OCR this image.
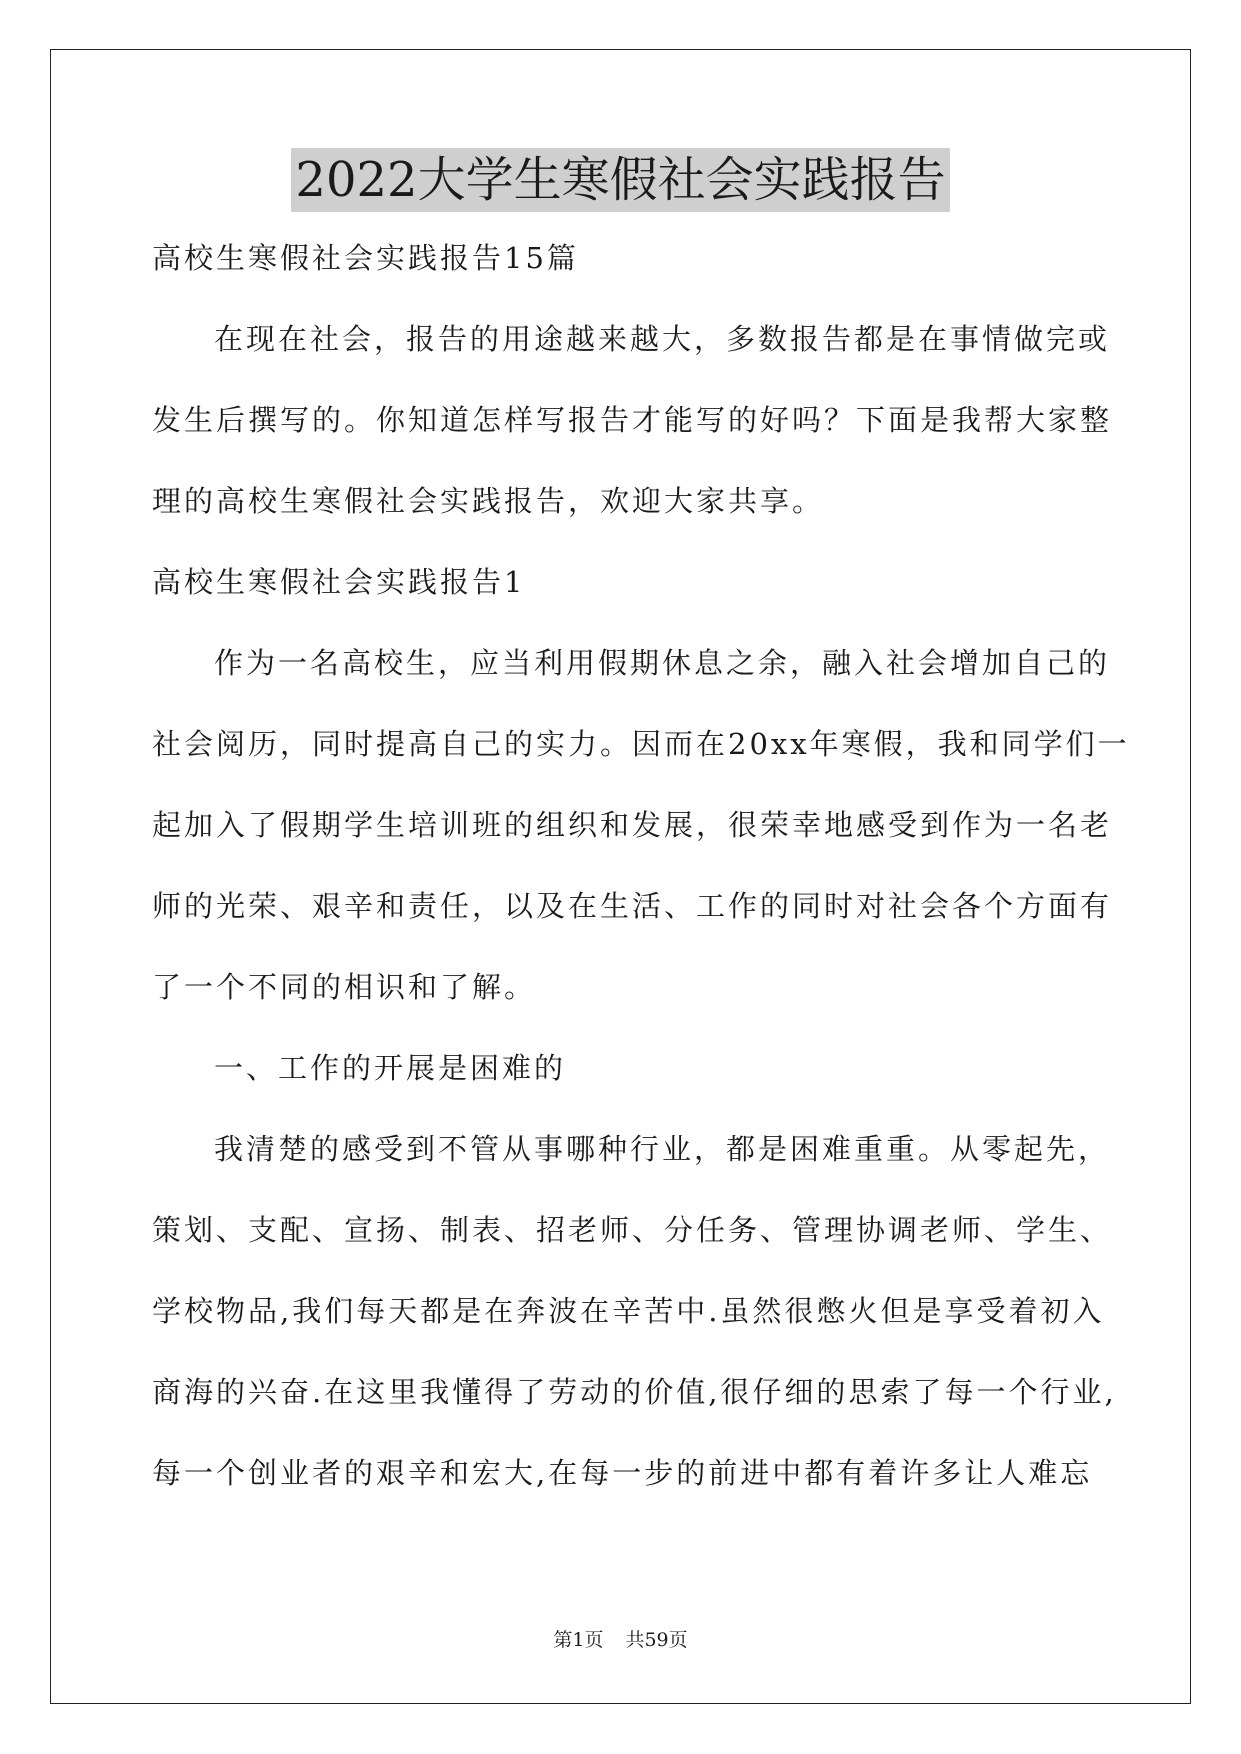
2022大学生寒假社会实践报告
高校生寒假社会实践报告15篇
在现在社会，报告的用途越来越大，多数报告都是在事情做完或
发生后撰写的。你知道怎样写报告才能写的好吗？下面是我帮大家整
理的高校生寒假社会实践报告，欢迎大家共享。
高校生寒假社会实践报告1
作为一名高校生，应当利用假期休息之余，融入社会增加自己的
社会阅历，同时提高自己的实力。因而在20xx年寒假，我和同学们一
起加入了假期学生培训班的组织和发展，很荣幸地感受到作为一名老
师的光荣、艰辛和责任，以及在生活、工作的同时对社会各个方面有
了一个不同的相识和了解。
一、工作的开展是困难的
我清楚的感受到不管从事哪种行业，都是困难重重。从零起先，
策划、支配、宣扬、制表、招老师、分任务、管理协调老师、学生、
学校物品,我们每天都是在奔波在辛苦中.虽然很憋火但是享受着初入
商海的兴奋.在这里我懂得了劳动的价值,很仔细的思索了每一个行业,
每一个创业者的艰辛和宏大,在每一步的前进中都有着许多让人难忘
第1页 共59页
